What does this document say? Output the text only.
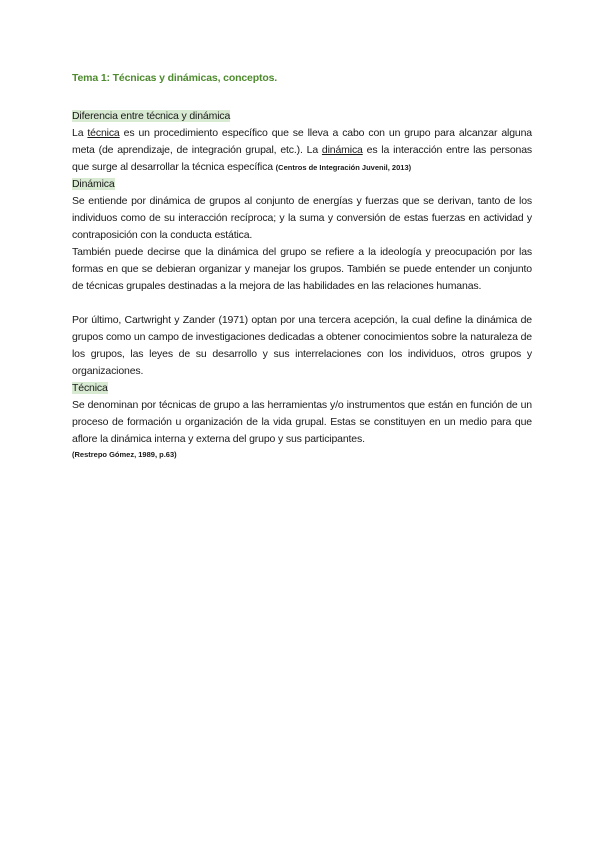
Tema 1: Técnicas y dinámicas, conceptos.
Diferencia entre técnica y dinámica

La técnica es un procedimiento específico que se lleva a cabo con un grupo para alcanzar alguna meta (de aprendizaje, de integración grupal, etc.). La dinámica es la interacción entre las personas que surge al desarrollar la técnica específica (Centros de Integración Juvenil, 2013)

Dinámica

Se entiende por dinámica de grupos al conjunto de energías y fuerzas que se derivan, tanto de los individuos como de su interacción recíproca; y la suma y conversión de estas fuerzas en actividad y contraposición con la conducta estática.

También puede decirse que la dinámica del grupo se refiere a la ideología y preocupación por las formas en que se debieran organizar y manejar los grupos. También se puede entender un conjunto de técnicas grupales destinadas a la mejora de las habilidades en las relaciones humanas.

Por último, Cartwright y Zander (1971) optan por una tercera acepción, la cual define la dinámica de grupos como un campo de investigaciones dedicadas a obtener conocimientos sobre la naturaleza de los grupos, las leyes de su desarrollo y sus interrelaciones con los individuos, otros grupos y organizaciones.

Técnica

Se denominan por técnicas de grupo a las herramientas y/o instrumentos que están en función de un proceso de formación u organización de la vida grupal. Estas se constituyen en un medio para que aflore la dinámica interna y externa del grupo y sus participantes.

(Restrepo Gómez, 1989, p.63)
